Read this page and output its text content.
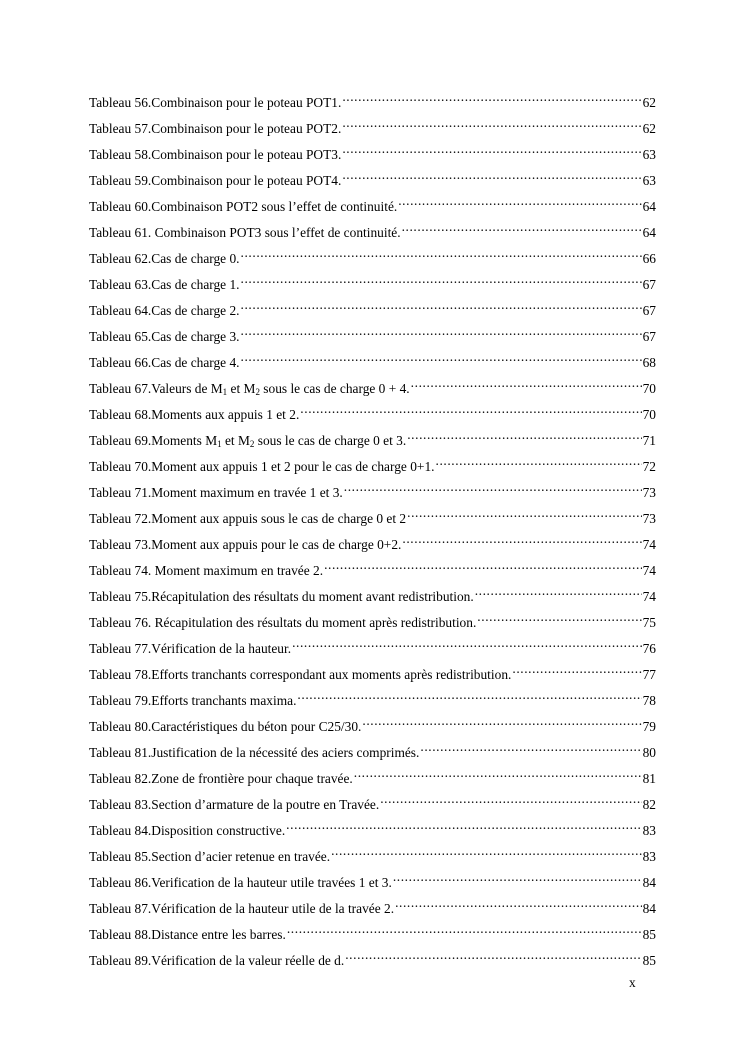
Tableau 56.Combinaison pour le poteau POT1. .....	62
Tableau 57.Combinaison pour le poteau POT2. .....	62
Tableau 58.Combinaison pour le poteau POT3. .....	63
Tableau 59.Combinaison pour le poteau POT4. .....	63
Tableau 60.Combinaison POT2 sous l’effet de continuité. .....	64
Tableau 61. Combinaison POT3 sous l’effet de continuité. .....	64
Tableau 62.Cas de charge 0. .....	66
Tableau 63.Cas de charge 1. .....	67
Tableau 64.Cas de charge 2. .....	67
Tableau 65.Cas de charge 3. .....	67
Tableau 66.Cas de charge 4. .....	68
Tableau 67.Valeurs de $M_1$ et $M_2$ sous le cas de charge 0 + 4. .....	70
Tableau 68.Moments aux appuis 1 et 2. .....	70
Tableau 69.Moments $M_1$ et $M_2$ sous le cas de charge 0 et 3. .....	71
Tableau 70.Moment aux appuis 1 et 2 pour le cas de charge 0+1. .....	72
Tableau 71.Moment maximum en travée 1 et 3. .....	73
Tableau 72.Moment aux appuis sous le cas de charge 0 et 2 .....	73
Tableau 73.Moment aux appuis pour le cas de charge 0+2. .....	74
Tableau 74. Moment maximum en travée 2. .....	74
Tableau 75.Récapitulation des résultats du moment avant redistribution. .....	74
Tableau 76. Récapitulation des résultats du moment après redistribution. .....	75
Tableau 77.Vérification de la hauteur. .....	76
Tableau 78.Efforts tranchants correspondant aux moments après redistribution. .....	77
Tableau 79.Efforts tranchants maxima. .....	78
Tableau 80.Caractéristiques du béton pour C25/30. .....	79
Tableau 81.Justification de la nécessité des aciers comprimés. .....	80
Tableau 82.Zone de frontière pour chaque travée. .....	81
Tableau 83.Section d’armature de la poutre en Travée. .....	82
Tableau 84.Disposition constructive. .....	83
Tableau 85.Section d’acier retenue en travée. .....	83
Tableau 86.Verification de la hauteur utile travées 1 et 3. .....	84
Tableau 87.Vérification de la hauteur utile de la travée 2. .....	84
Tableau 88.Distance entre les barres. .....	85
Tableau 89.Vérification de la valeur réelle de d. .....	85
x
